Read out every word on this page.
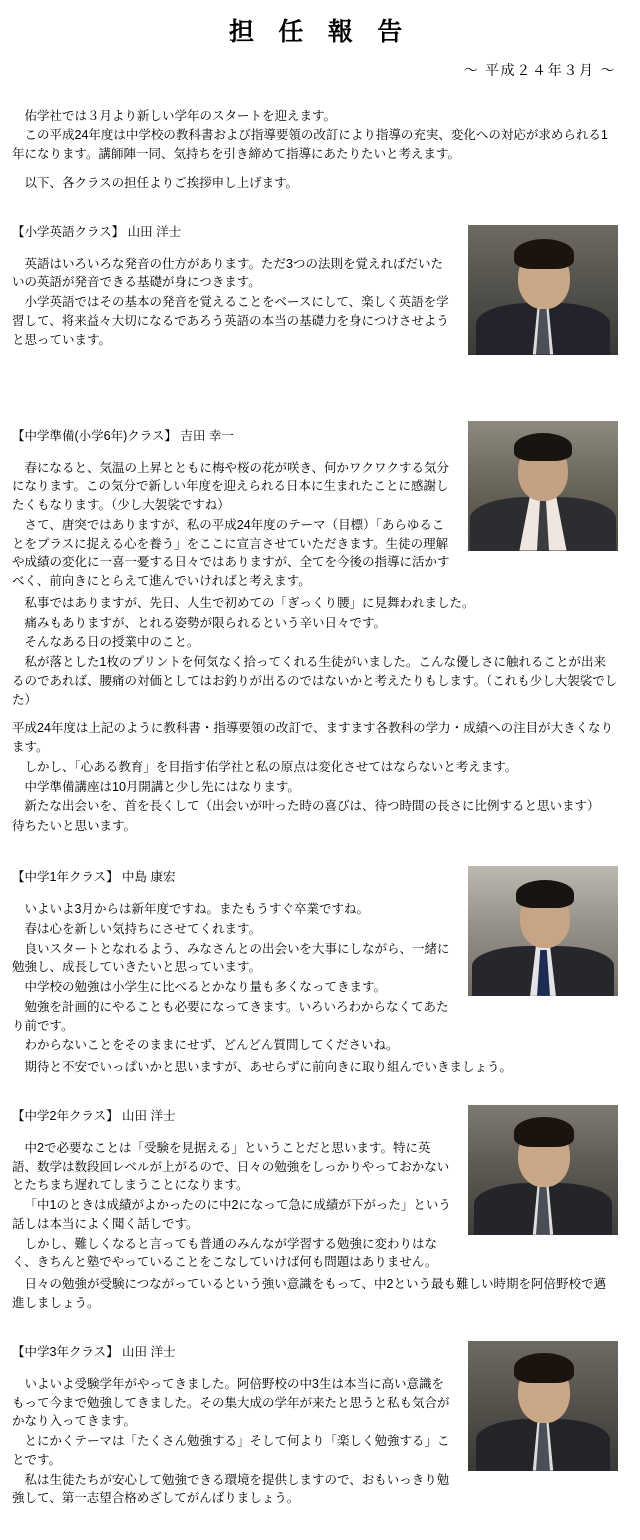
担 任 報 告
～ 平成２４年３月 ～

佑学社では３月より新しい学年のスタートを迎えます。

この平成24年度は中学校の教科書および指導要領の改訂により指導の充実、変化への対応が求められる1年になります。講師陣一同、気持ちを引き締めて指導にあたりたいと考えます。

以下、各クラスの担任よりご挨拶申し上げます。

【小学英語クラス】 山田 洋士

英語はいろいろな発音の仕方があります。ただ3つの法則を覚えればだいたいの英語が発音できる基礎が身につきます。

小学英語ではその基本の発音を覚えることをベースにして、楽しく英語を学習して、将来益々大切になるであろう英語の本当の基礎力を身につけさせようと思っています。

【中学準備(小学6年)クラス】 吉田 幸一

春になると、気温の上昇とともに梅や桜の花が咲き、何かワクワクする気分になります。この気分で新しい年度を迎えられる日本に生まれたことに感謝したくもなります。（少し大袈裟ですね）

さて、唐突ではありますが、私の平成24年度のテーマ（目標）「あらゆることをプラスに捉える心を養う」をここに宣言させていただきます。生徒の理解や成績の変化に一喜一憂する日々ではありますが、全てを今後の指導に活かすべく、前向きにとらえて進んでいければと考えます。

私事ではありますが、先日、人生で初めての「ぎっくり腰」に見舞われました。

痛みもありますが、とれる姿勢が限られるという辛い日々です。

そんなある日の授業中のこと。

私が落とした1枚のプリントを何気なく拾ってくれる生徒がいました。こんな優しさに触れることが出来るのであれば、腰痛の対価としてはお釣りが出るのではないかと考えたりもします。（これも少し大袈裟でした）

平成24年度は上記のように教科書・指導要領の改訂で、ますます各教科の学力・成績への注目が大きくなります。

しかし、「心ある教育」を目指す佑学社と私の原点は変化させてはならないと考えます。

中学準備講座は10月開講と少し先にはなります。

新たな出会いを、首を長くして（出会いが叶った時の喜びは、待つ時間の長さに比例すると思います）

待ちたいと思います。

【中学1年クラス】 中島 康宏

いよいよ3月からは新年度ですね。またもうすぐ卒業ですね。

春は心を新しい気持ちにさせてくれます。

良いスタートとなれるよう、みなさんとの出会いを大事にしながら、一緒に勉強し、成長していきたいと思っています。

中学校の勉強は小学生に比べるとかなり量も多くなってきます。

勉強を計画的にやることも必要になってきます。いろいろわからなくてあたり前です。

わからないことをそのままにせず、どんどん質問してくださいね。

期待と不安でいっぱいかと思いますが、あせらずに前向きに取り組んでいきましょう。

【中学2年クラス】 山田 洋士

中2で必要なことは「受験を見据える」ということだと思います。特に英語、数学は数段回レベルが上がるので、日々の勉強をしっかりやっておかないとたちまち遅れてしまうことになります。

「中1のときは成績がよかったのに中2になって急に成績が下がった」という話しは本当によく聞く話しです。

しかし、難しくなると言っても普通のみんなが学習する勉強に変わりはなく、きちんと塾でやっていることをこなしていけば何も問題はありません。

日々の勉強が受験につながっているという強い意識をもって、中2という最も難しい時期を阿倍野校で邁進しましょう。

【中学3年クラス】 山田 洋士

いよいよ受験学年がやってきました。阿倍野校の中3生は本当に高い意識をもって今まで勉強してきました。その集大成の学年が来たと思うと私も気合がかなり入ってきます。

とにかくテーマは「たくさん勉強する」そして何より「楽しく勉強する」ことです。

私は生徒たちが安心して勉強できる環境を提供しますので、おもいっきり勉強して、第一志望合格めざしてがんばりましょう。
